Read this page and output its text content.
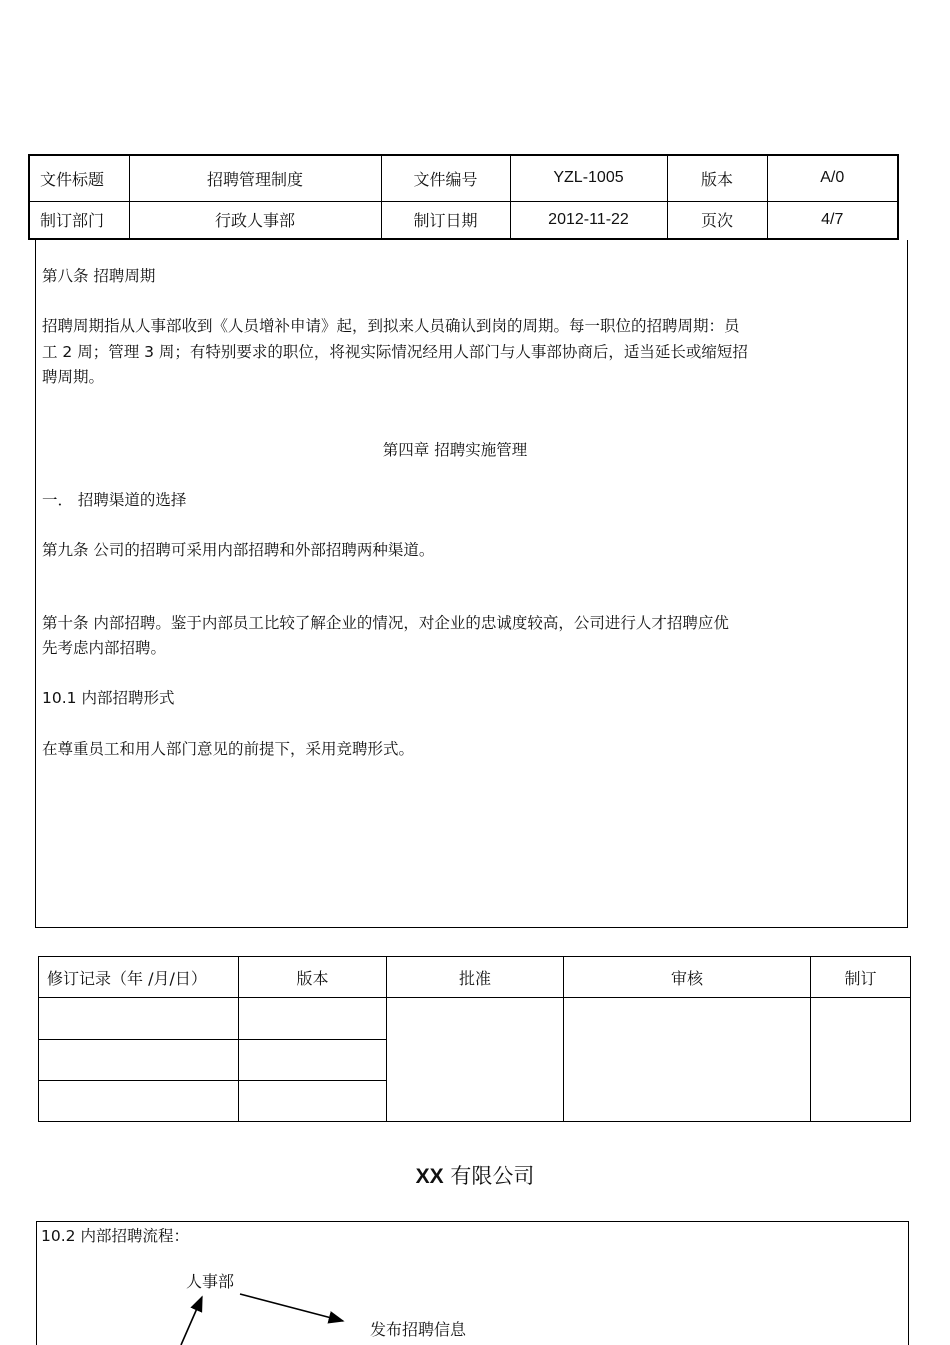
文件标题	招聘管理制度	文件编号	YZL-1005	版本	A/0
制订部门	行政人事部	制订日期	2012-11-22	页次	4/7
第八条 招聘周期
招聘周期指从人事部收到《人员增补申请》起，到拟来人员确认到岗的周期。每一职位的招聘周期：员
工 2 周；管理 3 周；有特别要求的职位，将视实际情况经用人部门与人事部协商后，适当延长或缩短招
聘周期。
第四章 招聘实施管理
一． 招聘渠道的选择
第九条 公司的招聘可采用内部招聘和外部招聘两种渠道。
第十条 内部招聘。鉴于内部员工比较了解企业的情况，对企业的忠诚度较高，公司进行人才招聘应优
先考虑内部招聘。
10.1 内部招聘形式
在尊重员工和用人部门意见的前提下，采用竞聘形式。
修订记录（年 /月/日）	版本	批准	审核	制订

XX 有限公司
10.2 内部招聘流程：
人事部
发布招聘信息
